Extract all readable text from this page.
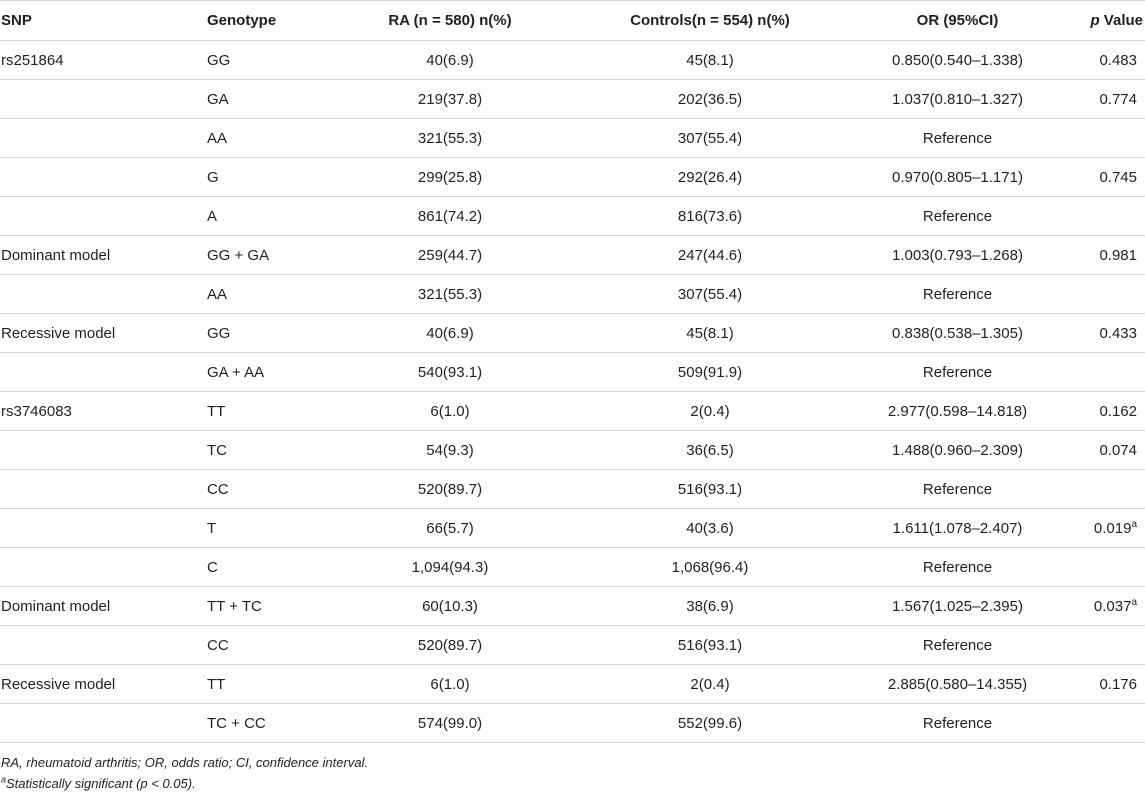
SNP	Genotype	RA (n = 580) n(%)	Controls(n = 554) n(%)	OR (95%CI)	p Value
rs251864	GG	40(6.9)	45(8.1)	0.850(0.540–1.338)	0.483
	GA	219(37.8)	202(36.5)	1.037(0.810–1.327)	0.774
	AA	321(55.3)	307(55.4)	Reference	
	G	299(25.8)	292(26.4)	0.970(0.805–1.171)	0.745
	A	861(74.2)	816(73.6)	Reference	
Dominant model	GG + GA	259(44.7)	247(44.6)	1.003(0.793–1.268)	0.981
	AA	321(55.3)	307(55.4)	Reference	
Recessive model	GG	40(6.9)	45(8.1)	0.838(0.538–1.305)	0.433
	GA + AA	540(93.1)	509(91.9)	Reference	
rs3746083	TT	6(1.0)	2(0.4)	2.977(0.598–14.818)	0.162
	TC	54(9.3)	36(6.5)	1.488(0.960–2.309)	0.074
	CC	520(89.7)	516(93.1)	Reference	
	T	66(5.7)	40(3.6)	1.611(1.078–2.407)	0.019$^a$
	C	1,094(94.3)	1,068(96.4)	Reference	
Dominant model	TT + TC	60(10.3)	38(6.9)	1.567(1.025–2.395)	0.037$^a$
	CC	520(89.7)	516(93.1)	Reference	
Recessive model	TT	6(1.0)	2(0.4)	2.885(0.580–14.355)	0.176
	TC + CC	574(99.0)	552(99.6)	Reference	
RA, rheumatoid arthritis; OR, odds ratio; CI, confidence interval.
$^a$Statistically significant (p < 0.05).
